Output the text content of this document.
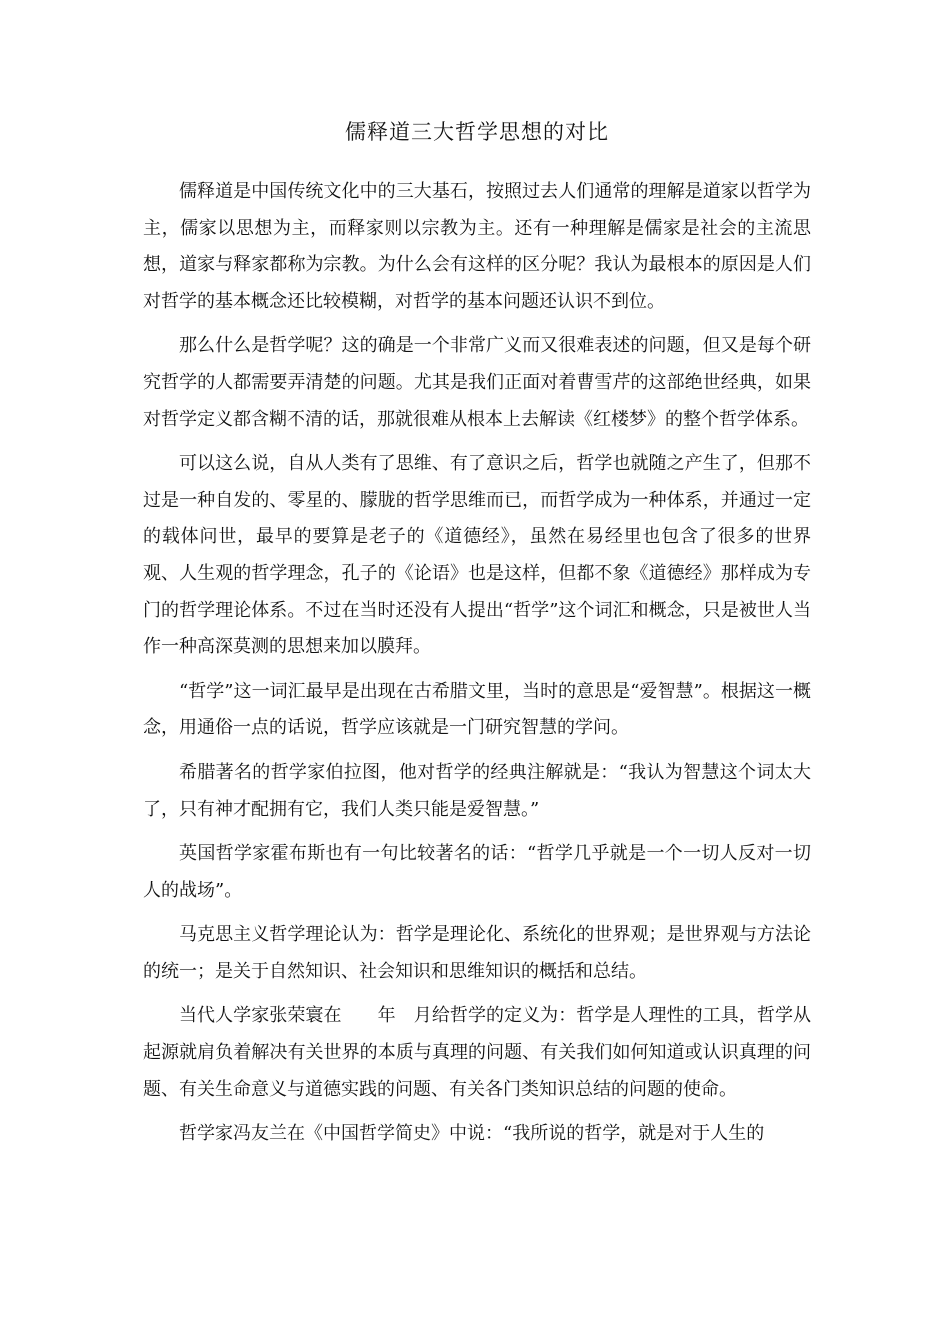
儒释道三大哲学思想的对比

儒释道是中国传统文化中的三大基石，按照过去人们通常的理解是道家以哲学为主，儒家以思想为主，而释家则以宗教为主。还有一种理解是儒家是社会的主流思想，道家与释家都称为宗教。为什么会有这样的区分呢？我认为最根本的原因是人们对哲学的基本概念还比较模糊，对哲学的基本问题还认识不到位。

那么什么是哲学呢？这的确是一个非常广义而又很难表述的问题，但又是每个研究哲学的人都需要弄清楚的问题。尤其是我们正面对着曹雪芹的这部绝世经典，如果对哲学定义都含糊不清的话，那就很难从根本上去解读《红楼梦》的整个哲学体系。

可以这么说，自从人类有了思维、有了意识之后，哲学也就随之产生了，但那不过是一种自发的、零星的、朦胧的哲学思维而已，而哲学成为一种体系，并通过一定的载体问世，最早的要算是老子的《道德经》，虽然在易经里也包含了很多的世界观、人生观的哲学理念，孔子的《论语》也是这样，但都不象《道德经》那样成为专门的哲学理论体系。不过在当时还没有人提出“哲学”这个词汇和概念，只是被世人当作一种高深莫测的思想来加以膜拜。

“哲学”这一词汇最早是出现在古希腊文里，当时的意思是“爱智慧”。根据这一概念，用通俗一点的话说，哲学应该就是一门研究智慧的学问。

希腊著名的哲学家伯拉图，他对哲学的经典注解就是：“我认为智慧这个词太大了，只有神才配拥有它，我们人类只能是爱智慧。”

英国哲学家霍布斯也有一句比较著名的话：“哲学几乎就是一个一切人反对一切人的战场”。

马克思主义哲学理论认为：哲学是理论化、系统化的世界观；是世界观与方法论的统一；是关于自然知识、社会知识和思维知识的概括和总结。

当代人学家张荣寰在　　年　月给哲学的定义为：哲学是人理性的工具，哲学从起源就肩负着解决有关世界的本质与真理的问题、有关我们如何知道或认识真理的问题、有关生命意义与道德实践的问题、有关各门类知识总结的问题的使命。

哲学家冯友兰在《中国哲学简史》中说：“我所说的哲学，就是对于人生的
